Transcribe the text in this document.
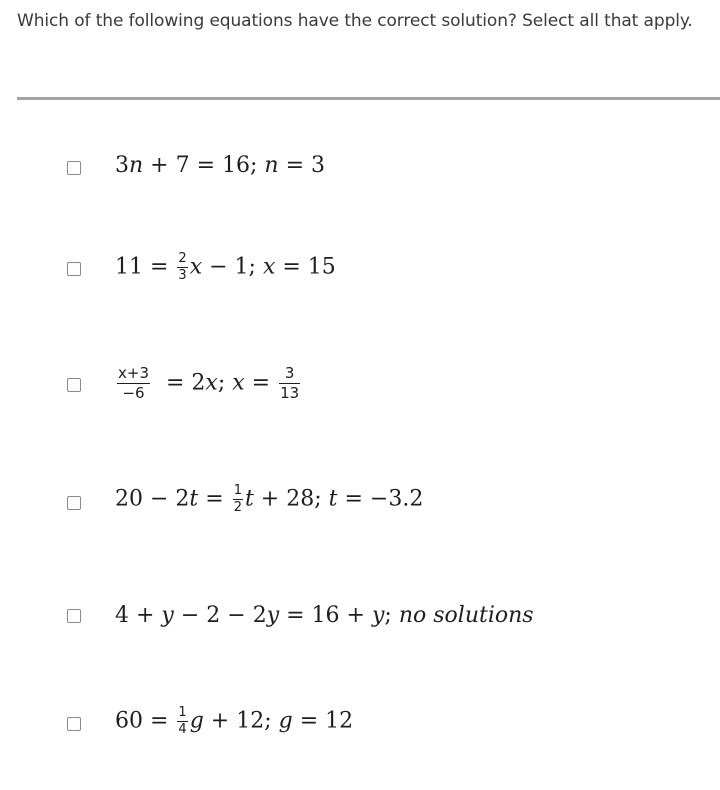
Which of the following equations have the correct solution? Select all that apply.
3n + 7 = 16; n = 3
$11 = \frac{2}{3}$ x − 1; x = 15
$\frac{x+3}{-6} = 2x$; $x = \frac{3}{13}$
$20 - 2t = \frac{1}{2}$ t + 28; t = −3.2
4 + y − 2 − 2y = 16 + y; no solutions
$60 = \frac{1}{4}$ g + 12; g = 12
